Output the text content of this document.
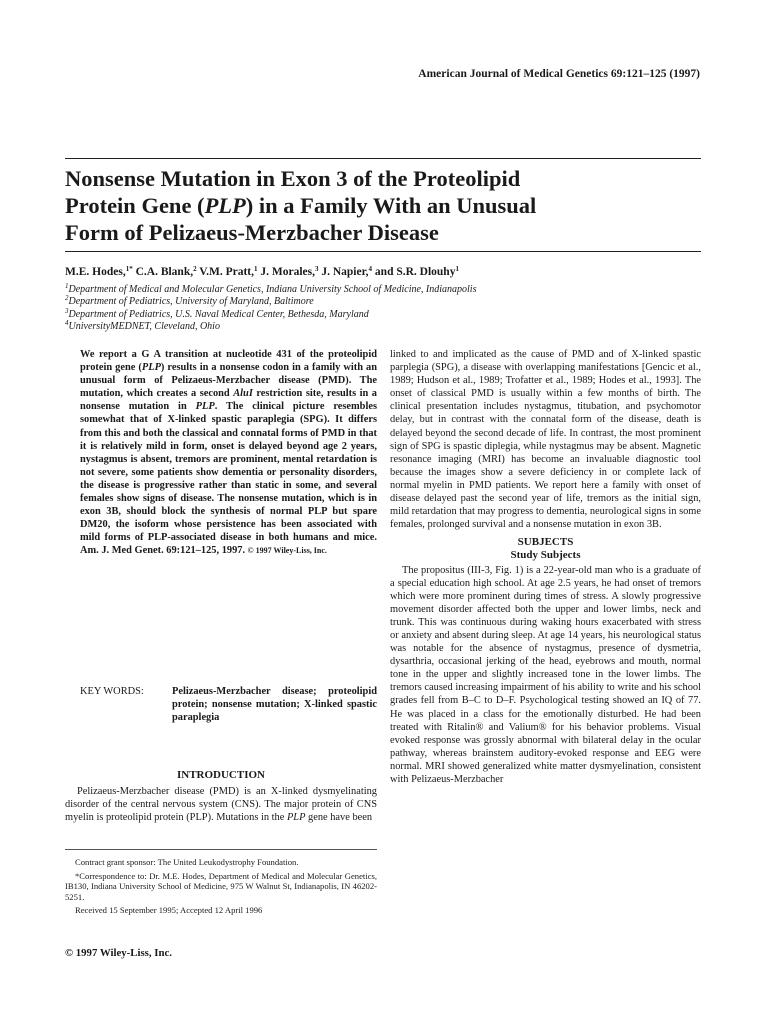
American Journal of Medical Genetics 69:121–125 (1997)
Nonsense Mutation in Exon 3 of the Proteolipid
Protein Gene (PLP) in a Family With an Unusual
Form of Pelizaeus-Merzbacher Disease
M.E. Hodes,$^{1*}$ C.A. Blank,$^2$ V.M. Pratt,$^1$ J. Morales,$^3$ J. Napier,$^4$ and S.R. Dlouhy$^1$
$^1$Department of Medical and Molecular Genetics, Indiana University School of Medicine, Indianapolis
$^2$Department of Pediatrics, University of Maryland, Baltimore
$^3$Department of Pediatrics, U.S. Naval Medical Center, Bethesda, Maryland
$^4$UniversityMEDNET, Cleveland, Ohio

We report a G A transition at nucleotide 431 of the proteolipid protein gene (PLP) results in a nonsense codon in a family with an unusual form of Pelizaeus-Merzbacher disease (PMD). The mutation, which creates a second AluI restriction site, results in a nonsense mutation in PLP. The clinical picture resembles somewhat that of X-linked spastic paraplegia (SPG). It differs from this and both the classical and connatal forms of PMD in that it is relatively mild in form, onset is delayed beyond age 2 years, nystagmus is absent, tremors are prominent, mental retardation is not severe, some patients show dementia or personality disorders, the disease is progressive rather than static in some, and several females show signs of disease. The nonsense mutation, which is in exon 3B, should block the synthesis of normal PLP but spare DM20, the isoform whose persistence has been associated with mild forms of PLP-associated disease in both humans and mice. Am. J. Med Genet. 69:121–125, 1997. © 1997 Wiley-Liss, Inc.

KEY WORDS:	Pelizaeus-Merzbacher disease; proteolipid protein; nonsense mutation; X-linked spastic paraplegia
INTRODUCTION

Pelizaeus-Merzbacher disease (PMD) is an X-linked dysmyelinating disorder of the central nervous system (CNS). The major protein of CNS myelin is proteolipid protein (PLP). Mutations in the PLP gene have been

Contract grant sponsor: The United Leukodystrophy Foundation.

*Correspondence to: Dr. M.E. Hodes, Department of Medical and Molecular Genetics, IB130, Indiana University School of Medicine, 975 W Walnut St, Indianapolis, IN 46202-5251.

Received 15 September 1995; Accepted 12 April 1996

© 1997 Wiley-Liss, Inc.

linked to and implicated as the cause of PMD and of X-linked spastic parplegia (SPG), a disease with overlapping manifestations [Gencic et al., 1989; Hudson et al., 1989; Trofatter et al., 1989; Hodes et al., 1993]. The onset of classical PMD is usually within a few months of birth. The clinical presentation includes nystagmus, titubation, and psychomotor delay, but in contrast with the connatal form of the disease, death is delayed beyond the second decade of life. In contrast, the most prominent sign of SPG is spastic diplegia, while nystagmus may be absent. Magnetic resonance imaging (MRI) has become an invaluable diagnostic tool because the images show a severe deficiency in or complete lack of normal myelin in PMD patients. We report here a family with onset of disease delayed past the second year of life, tremors as the initial sign, mild retardation that may progress to dementia, neurological signs in some females, prolonged survival and a nonsense mutation in exon 3B.

SUBJECTS

Study Subjects

The propositus (III-3, Fig. 1) is a 22-year-old man who is a graduate of a special education high school. At age 2.5 years, he had onset of tremors which were more prominent during times of stress. A slowly progressive movement disorder affected both the upper and lower limbs, neck and trunk. This was continuous during waking hours exacerbated with stress or anxiety and absent during sleep. At age 14 years, his neurological status was notable for the absence of nystagmus, presence of dysmetria, dysarthria, occasional jerking of the head, eyebrows and mouth, normal tone in the upper and slightly increased tone in the lower limbs. The tremors caused increasing impairment of his ability to write and his school grades fell from B–C to D–F. Psychological testing showed an IQ of 77. He was placed in a class for the emotionally disturbed. He had been treated with Ritalin® and Valium® for his behavior problems. Visual evoked response was grossly abnormal with bilateral delay in the ocular pathway, whereas brainstem auditory-evoked response and EEG were normal. MRI showed generalized white matter dysmyelination, consistent with Pelizaeus-Merzbacher
